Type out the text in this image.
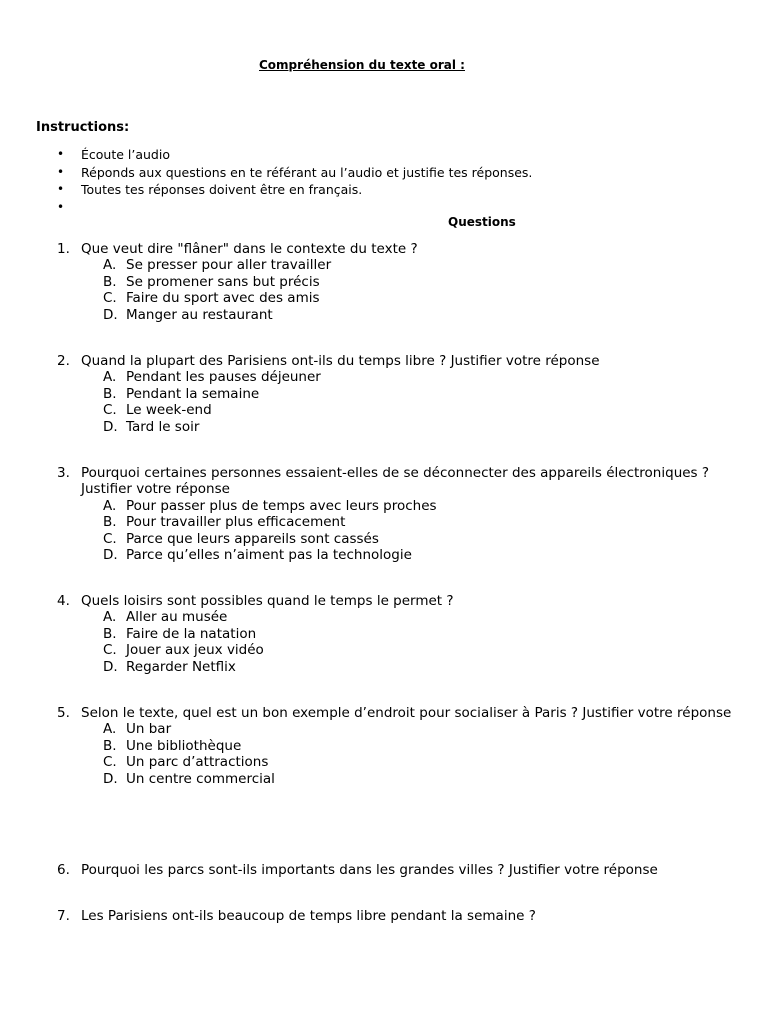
Compréhension du texte oral :
Instructions:
• Écoute l’audio
• Réponds aux questions en te référant au l’audio et justifie tes réponses.
• Toutes tes réponses doivent être en français.
•
Questions
1. Que veut dire "flâner" dans le contexte du texte ?
A. Se presser pour aller travailler
B. Se promener sans but précis
C. Faire du sport avec des amis
D. Manger au restaurant
2. Quand la plupart des Parisiens ont-ils du temps libre ? Justifier votre réponse
A. Pendant les pauses déjeuner
B. Pendant la semaine
C. Le week-end
D. Tard le soir
3. Pourquoi certaines personnes essaient-elles de se déconnecter des appareils électroniques ? Justifier votre réponse
A. Pour passer plus de temps avec leurs proches
B. Pour travailler plus efficacement
C. Parce que leurs appareils sont cassés
D. Parce qu’elles n’aiment pas la technologie
4. Quels loisirs sont possibles quand le temps le permet ?
A. Aller au musée
B. Faire de la natation
C. Jouer aux jeux vidéo
D. Regarder Netflix
5. Selon le texte, quel est un bon exemple d’endroit pour socialiser à Paris ? Justifier votre réponse
A. Un bar
B. Une bibliothèque
C. Un parc d’attractions
D. Un centre commercial
6. Pourquoi les parcs sont-ils importants dans les grandes villes ? Justifier votre réponse
7. Les Parisiens ont-ils beaucoup de temps libre pendant la semaine ?
